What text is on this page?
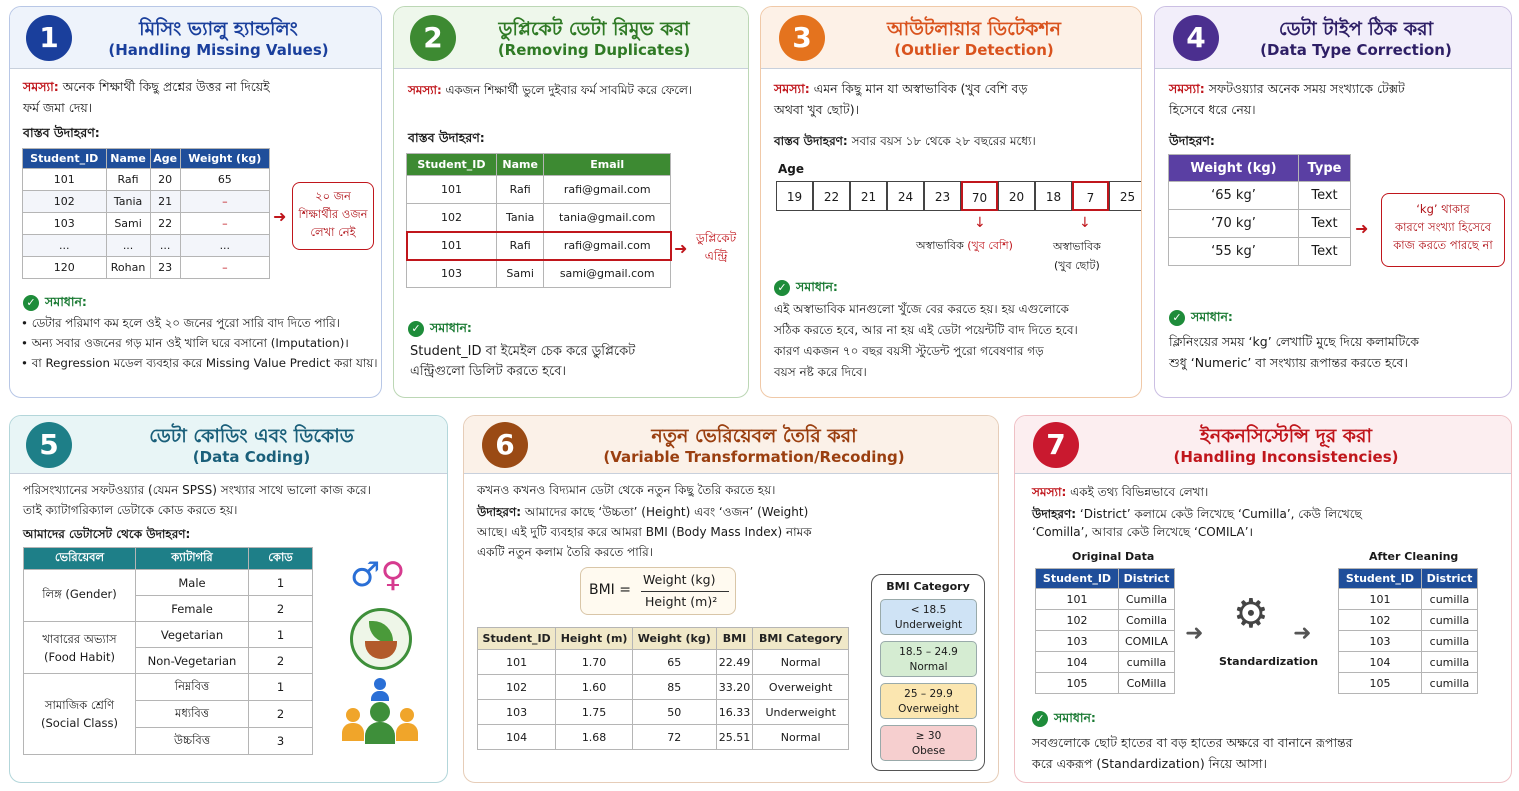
1	মিসিং ভ্যালু হ্যান্ডলিং
(Handling Missing Values)
সমস্যা: অনেক শিক্ষার্থী কিছু প্রশ্নের উত্তর না দিয়েই
ফর্ম জমা দেয়।
বাস্তব উদাহরণ:
Student_ID	Name	Age	Weight (kg)
101	Rafi	20	65
102	Tania	21	–
103	Sami	22	–
...	...	...	...
120	Rohan	23	–
➜
২০ জন
শিক্ষার্থীর ওজন
লেখা নেই
✓ সমাধান:
• ডেটার পরিমাণ কম হলে ওই ২০ জনের পুরো সারি বাদ দিতে পারি।
• অন্য সবার ওজনের গড় মান ওই খালি ঘরে বসানো (Imputation)।
• বা Regression মডেল ব্যবহার করে Missing Value Predict করা যায়।
2	ডুপ্লিকেট ডেটা রিমুভ করা
(Removing Duplicates)
সমস্যা: একজন শিক্ষার্থী ভুলে দুইবার ফর্ম সাবমিট করে ফেলে।
বাস্তব উদাহরণ:
Student_ID	Name	Email
101	Rafi	rafi@gmail.com
102	Tania	tania@gmail.com
101	Rafi	rafi@gmail.com
103	Sami	sami@gmail.com
➜
ডুপ্লিকেট
এন্ট্রি
✓ সমাধান:
Student_ID বা ইমেইল চেক করে ডুপ্লিকেট
এন্ট্রিগুলো ডিলিট করতে হবে।
3	আউটলায়ার ডিটেকশন
(Outlier Detection)
সমস্যা: এমন কিছু মান যা অস্বাভাবিক (খুব বেশি বড়
অথবা খুব ছোট)।
বাস্তব উদাহরণ: সবার বয়স ১৮ থেকে ২৮ বছরের মধ্যে।
Age
19	22	21	24	23	70	20	18	7	25
↓	↓
অস্বাভাবিক (খুব বেশি)	অস্বাভাবিক
(খুব ছোট)
✓ সমাধান:
এই অস্বাভাবিক মানগুলো খুঁজে বের করতে হয়। হয় এগুলোকে
সঠিক করতে হবে, আর না হয় এই ডেটা পয়েন্টটি বাদ দিতে হবে।
কারণ একজন ৭০ বছর বয়সী স্টুডেন্ট পুরো গবেষণার গড়
বয়স নষ্ট করে দিবে।
4	ডেটা টাইপ ঠিক করা
(Data Type Correction)
সমস্যা: সফটওয়্যার অনেক সময় সংখ্যাকে টেক্সট
হিসেবে ধরে নেয়।
উদাহরণ:
Weight (kg)	Type
‘65 kg’	Text
‘70 kg’	Text
‘55 kg’	Text
➜
‘kg’ থাকার
কারণে সংখ্যা হিসেবে
কাজ করতে পারছে না
✓ সমাধান:
ক্লিনিংয়ের সময় ‘kg’ লেখাটি মুছে দিয়ে কলামটিকে
শুধু ‘Numeric’ বা সংখ্যায় রূপান্তর করতে হবে।
5	ডেটা কোডিং এবং ডিকোড
(Data Coding)
পরিসংখ্যানের সফটওয়্যার (যেমন SPSS) সংখ্যার সাথে ভালো কাজ করে।
তাই ক্যাটাগরিক্যাল ডেটাকে কোড করতে হয়।
আমাদের ডেটাসেট থেকে উদাহরণ:
ভেরিয়েবল	ক্যাটাগরি	কোড
লিঙ্গ (Gender)	Male	1
	Female	2

খাবারের অভ্যাস
(Food Habit)	Vegetarian	1
	Non-Vegetarian	2

সামাজিক শ্রেণি
(Social Class)	নিম্নবিত্ত	1
	মধ্যবিত্ত	2
	উচ্চবিত্ত	3
♂♀
6	নতুন ভেরিয়েবল তৈরি করা
(Variable Transformation/Recoding)
কখনও কখনও বিদ্যমান ডেটা থেকে নতুন কিছু তৈরি করতে হয়।
উদাহরণ: আমাদের কাছে ‘উচ্চতা’ (Height) এবং ‘ওজন’ (Weight)
আছে। এই দুটি ব্যবহার করে আমরা BMI (Body Mass Index) নামক
একটি নতুন কলাম তৈরি করতে পারি।
BMI =
Weight (kg)
Height (m)²
Student_ID	Height (m)	Weight (kg)	BMI	BMI Category
101	1.70	65	22.49	Normal
102	1.60	85	33.20	Overweight
103	1.75	50	16.33	Underweight
104	1.68	72	25.51	Normal
BMI Category
< 18.5
Underweight
18.5 – 24.9
Normal
25 – 29.9
Overweight
≥ 30
Obese
7	ইনকনসিস্টেন্সি দূর করা
(Handling Inconsistencies)
সমস্যা: একই তথ্য বিভিন্নভাবে লেখা।
উদাহরণ: ‘District’ কলামে কেউ লিখেছে ‘Cumilla’, কেউ লিখেছে
‘Comilla’, আবার কেউ লিখেছে ‘COMILA’।
Original Data	After Cleaning
Student_ID	District
101	Cumilla
102	Comilla
103	COMILA
104	cumilla
105	CoMilla
➜ ⚙ ➜
Standardization
Student_ID	District
101	cumilla
102	cumilla
103	cumilla
104	cumilla
105	cumilla
✓ সমাধান:
সবগুলোকে ছোট হাতের বা বড় হাতের অক্ষরে বা বানানে রূপান্তর
করে একরূপ (Standardization) নিয়ে আসা।
